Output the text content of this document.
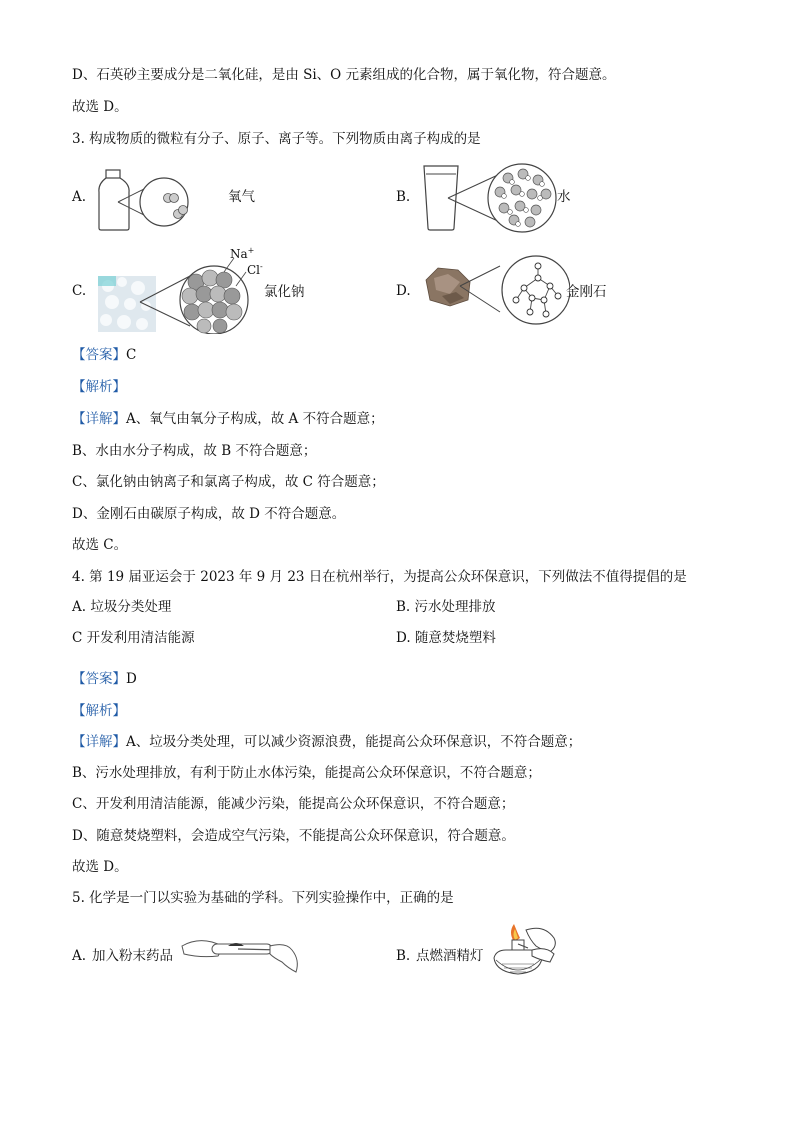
D、石英砂主要成分是二氧化硅，是由 Si、O 元素组成的化合物，属于氧化物，符合题意。
故选 D。
3. 构成物质的微粒有分子、原子、离子等。下列物质由离子构成的是
A.	氧气	B.	水
C.
Na+
Cl-
氯化钠	D.	金刚石
【答案】C
【解析】
【详解】A、氧气由氧分子构成，故 A 不符合题意；
B、水由水分子构成，故 B 不符合题意；
C、氯化钠由钠离子和氯离子构成，故 C 符合题意；
D、金刚石由碳原子构成，故 D 不符合题意。
故选 C。
4. 第 19 届亚运会于 2023 年 9 月 23 日在杭州举行，为提高公众环保意识，下列做法不值得提倡的是
A. 垃圾分类处理	B. 污水处理排放
C 开发利用清洁能源	D. 随意焚烧塑料
【答案】D
【解析】
【详解】A、垃圾分类处理，可以减少资源浪费，能提高公众环保意识，不符合题意；
B、污水处理排放，有利于防止水体污染，能提高公众环保意识，不符合题意；
C、开发利用清洁能源，能减少污染，能提高公众环保意识，不符合题意；
D、随意焚烧塑料，会造成空气污染，不能提高公众环保意识，符合题意。
故选 D。
5. 化学是一门以实验为基础的学科。下列实验操作中，正确的是
A. 加入粉末药品	B. 点燃酒精灯
